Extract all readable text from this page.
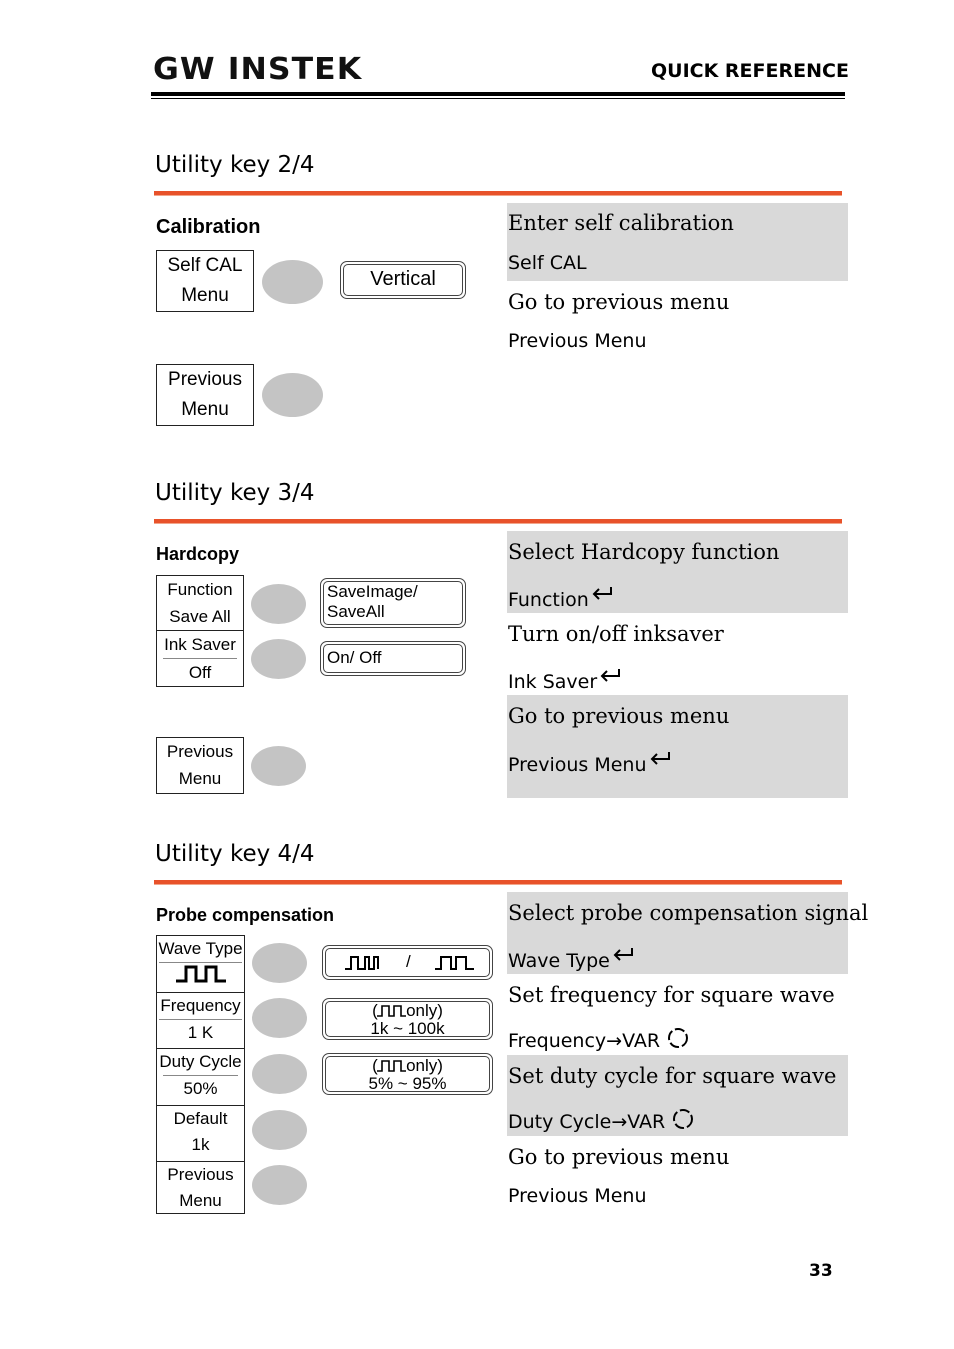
GW INSTEK	QUICK REFERENCE
Utility key 2/4
Calibration
Self CAL
Menu
Vertical
Previous
Menu
Enter self calibration
Self CAL
Go to previous menu
Previous Menu
Utility key 3/4
Hardcopy
Function
Save All
Ink Saver
Off
SaveImage/
SaveAll
On/ Off
Previous
Menu
Select Hardcopy function
Function
Turn on/off inksaver
Ink Saver
Go to previous menu
Previous Menu
Utility key 4/4
Probe compensation
Wave Type
Frequency
1 K
Duty Cycle
50%
Default
1k
Previous
Menu
/
(      only)
1k ~ 100k
(      only)
5% ~ 95%
Select probe compensation signal
Wave Type
Set frequency for square wave
Frequency→VAR
Set duty cycle for square wave
Duty Cycle→VAR
Go to previous menu
Previous Menu
33
